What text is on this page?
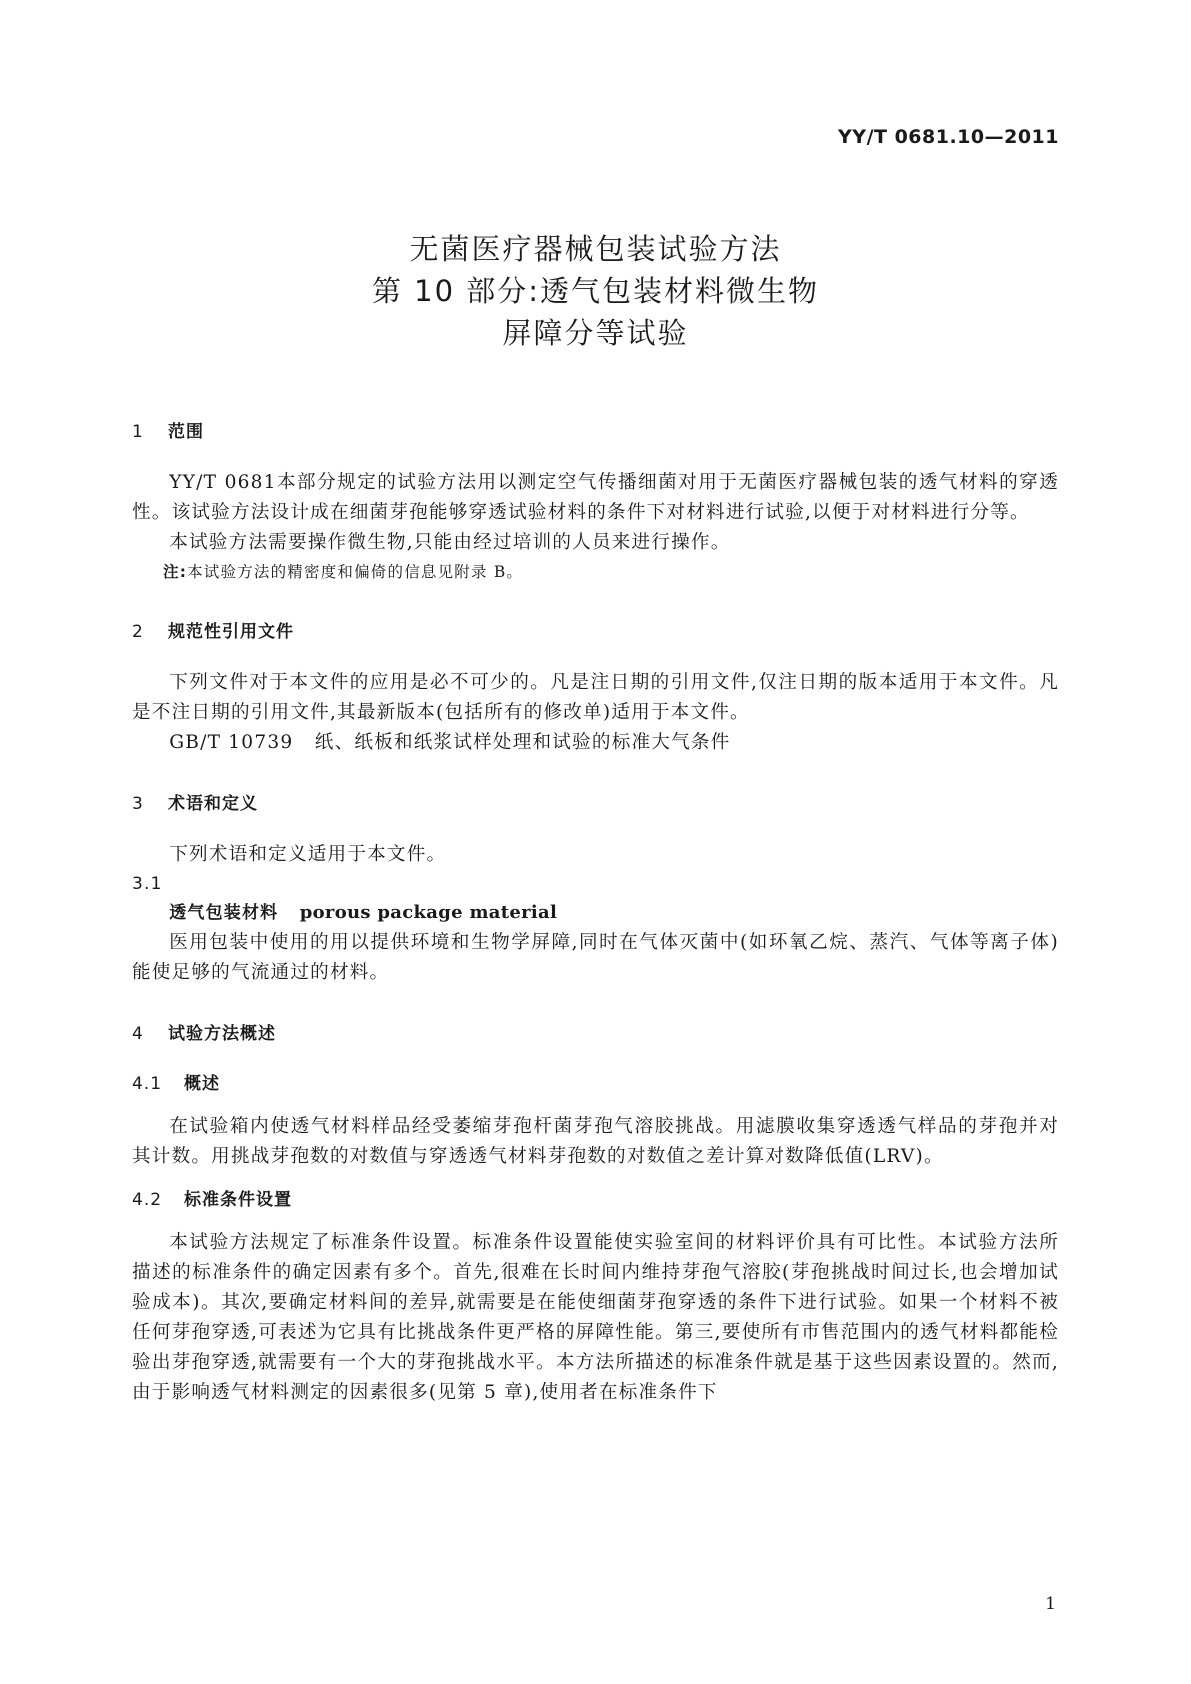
YY/T 0681.10—2011
无菌医疗器械包装试验方法
第 10 部分:透气包装材料微生物
屏障分等试验
1 范围

YY/T 0681本部分规定的试验方法用以测定空气传播细菌对用于无菌医疗器械包装的透气材料的穿透性。该试验方法设计成在细菌芽孢能够穿透试验材料的条件下对材料进行试验,以便于对材料进行分等。

本试验方法需要操作微生物,只能由经过培训的人员来进行操作。

注:本试验方法的精密度和偏倚的信息见附录 B。
2 规范性引用文件

下列文件对于本文件的应用是必不可少的。凡是注日期的引用文件,仅注日期的版本适用于本文件。凡是不注日期的引用文件,其最新版本(包括所有的修改单)适用于本文件。

GB/T 10739 纸、纸板和纸浆试样处理和试验的标准大气条件
3 术语和定义
下列术语和定义适用于本文件。
3.1
透气包装材料 porous package material

医用包装中使用的用以提供环境和生物学屏障,同时在气体灭菌中(如环氧乙烷、蒸汽、气体等离子体)能使足够的气流通过的材料。

4 试验方法概述
4.1 概述

在试验箱内使透气材料样品经受萎缩芽孢杆菌芽孢气溶胶挑战。用滤膜收集穿透透气样品的芽孢并对其计数。用挑战芽孢数的对数值与穿透透气材料芽孢数的对数值之差计算对数降低值(LRV)。

4.2 标准条件设置

本试验方法规定了标准条件设置。标准条件设置能使实验室间的材料评价具有可比性。本试验方法所描述的标准条件的确定因素有多个。首先,很难在长时间内维持芽孢气溶胶(芽孢挑战时间过长,也会增加试验成本)。其次,要确定材料间的差异,就需要是在能使细菌芽孢穿透的条件下进行试验。如果一个材料不被任何芽孢穿透,可表述为它具有比挑战条件更严格的屏障性能。第三,要使所有市售范围内的透气材料都能检验出芽孢穿透,就需要有一个大的芽孢挑战水平。本方法所描述的标准条件就是基于这些因素设置的。然而,由于影响透气材料测定的因素很多(见第 5 章),使用者在标准条件下

1
